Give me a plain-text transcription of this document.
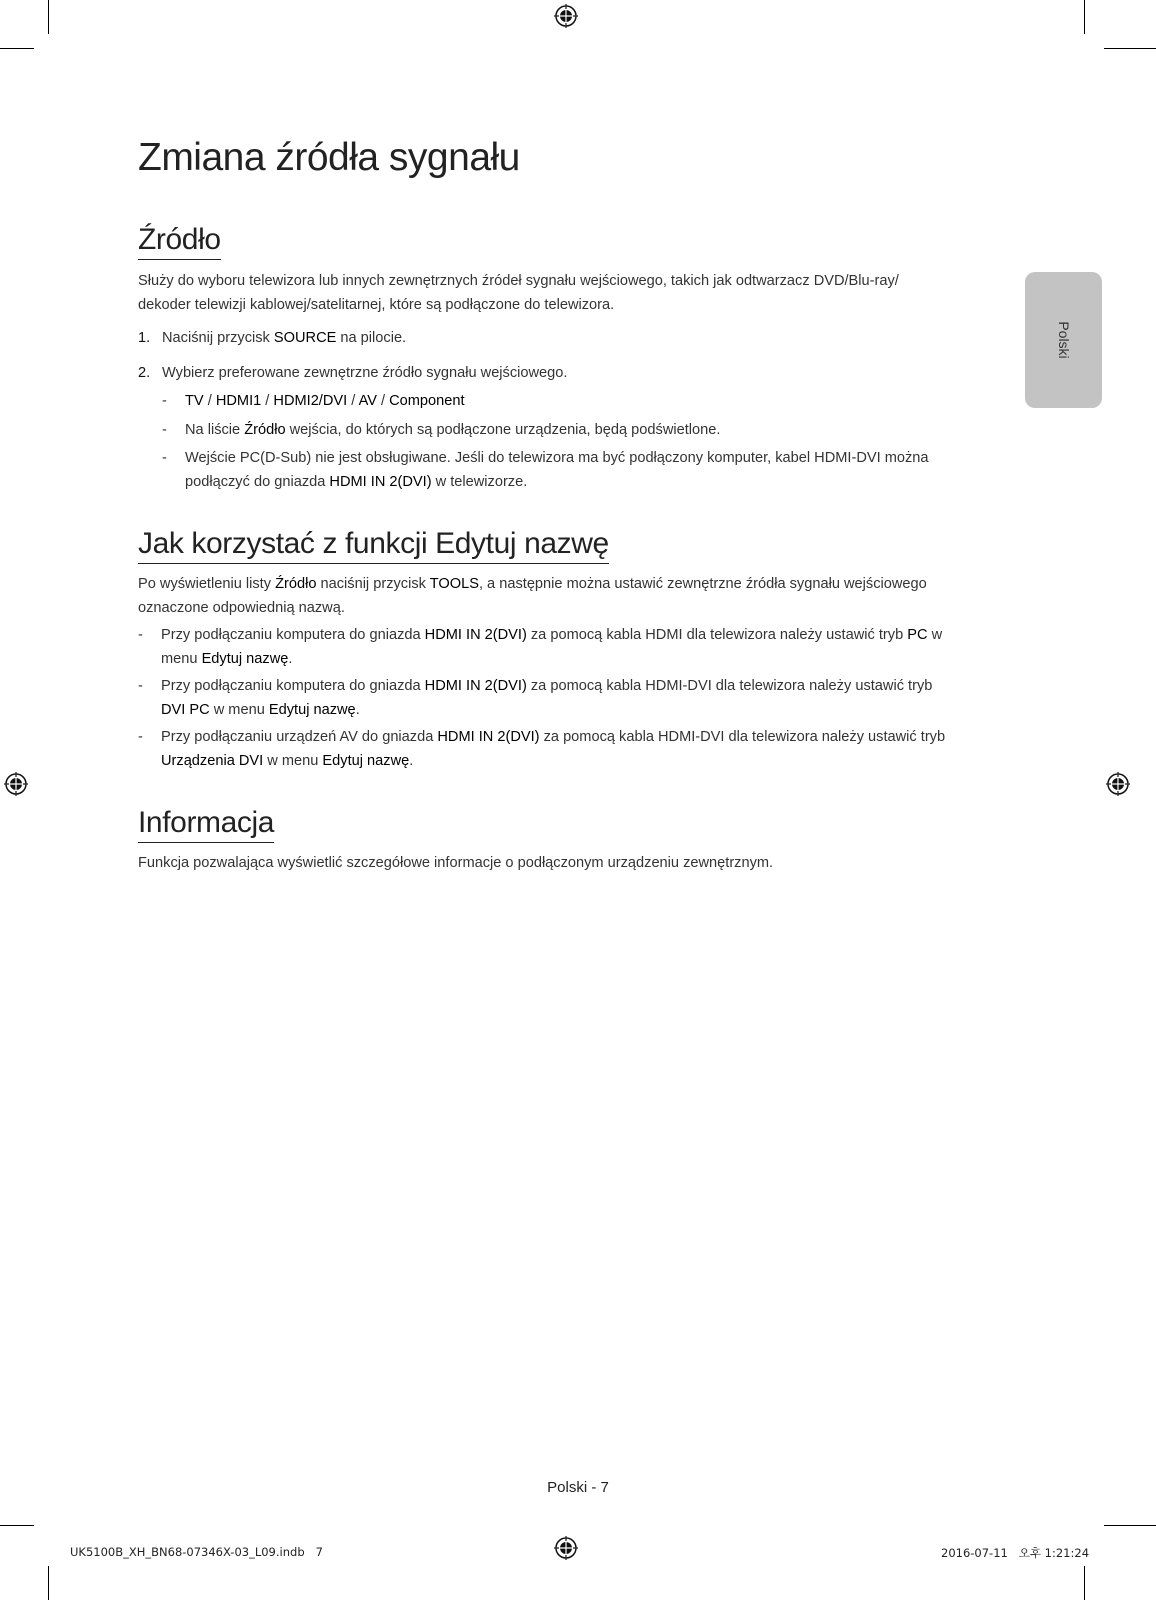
Polski
Zmiana źródła sygnału
Źródło

Służy do wyboru telewizora lub innych zewnętrznych źródeł sygnału wejściowego, takich jak odtwarzacz DVD/Blu-ray/
dekoder telewizji kablowej/satelitarnej, które są podłączone do telewizora.

1. Naciśnij przycisk SOURCE na pilocie.
2. Wybierz preferowane zewnętrzne źródło sygnału wejściowego.
- TV / HDMI1 / HDMI2/DVI / AV / Component
- Na liście Źródło wejścia, do których są podłączone urządzenia, będą podświetlone.
- Wejście PC(D-Sub) nie jest obsługiwane. Jeśli do telewizora ma być podłączony komputer, kabel HDMI-DVI można
podłączyć do gniazda HDMI IN 2(DVI) w telewizorze.
Jak korzystać z funkcji Edytuj nazwę

Po wyświetleniu listy Źródło naciśnij przycisk TOOLS, a następnie można ustawić zewnętrzne źródła sygnału wejściowego
oznaczone odpowiednią nazwą.

- Przy podłączaniu komputera do gniazda HDMI IN 2(DVI) za pomocą kabla HDMI dla telewizora należy ustawić tryb PC w
menu Edytuj nazwę.
- Przy podłączaniu komputera do gniazda HDMI IN 2(DVI) za pomocą kabla HDMI-DVI dla telewizora należy ustawić tryb
DVI PC w menu Edytuj nazwę.
- Przy podłączaniu urządzeń AV do gniazda HDMI IN 2(DVI) za pomocą kabla HDMI-DVI dla telewizora należy ustawić tryb
Urządzenia DVI w menu Edytuj nazwę.
Informacja

Funkcja pozwalająca wyświetlić szczegółowe informacje o podłączonym urządzeniu zewnętrznym.

Polski - 7
UK5100B_XH_BN68-07346X-03_L09.indb   7	2016-07-11   오후 1:21:24
